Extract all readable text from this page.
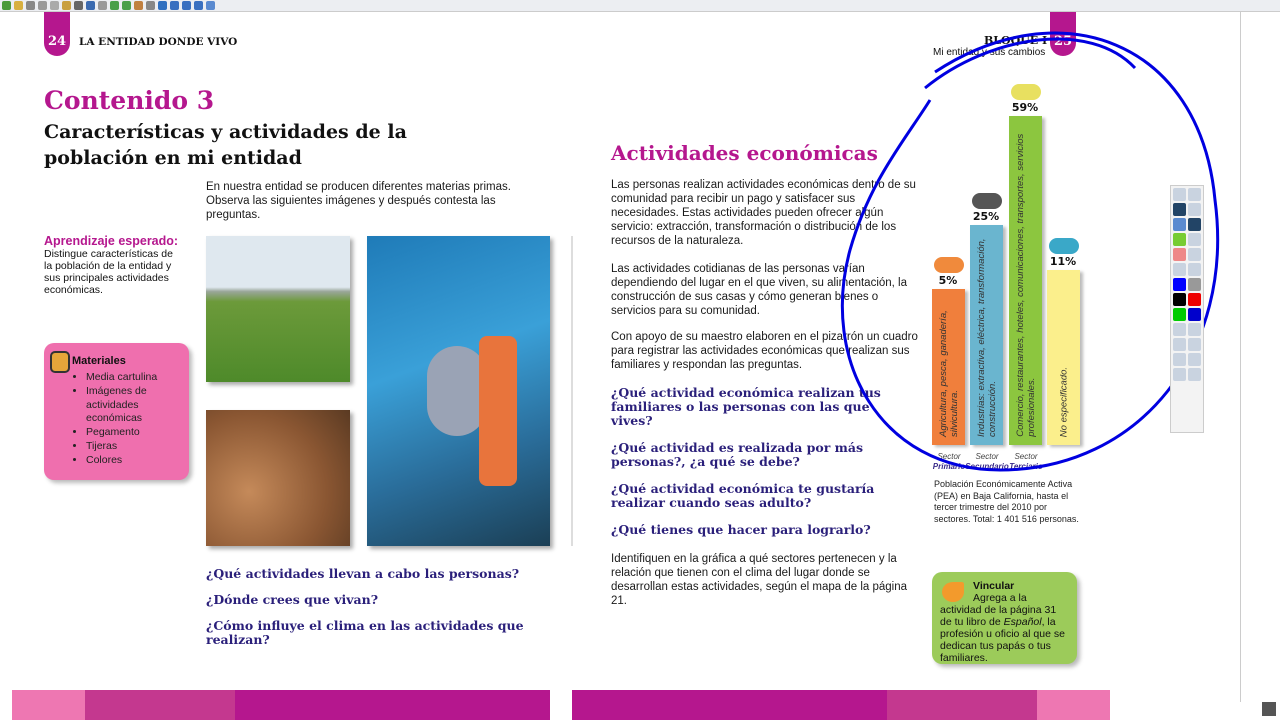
24	LA ENTIDAD DONDE VIVO
Contenido 3
Características y actividades de la población en mi entidad
En nuestra entidad se producen diferentes materias primas. Observa las siguientes imágenes y después contesta las preguntas.
Aprendizaje esperado:
Distingue características de la población de la entidad y sus principales actividades económicas.
Materiales
• Media cartulina
• Imágenes de actividades económicas
• Pegamento
• Tijeras
• Colores
¿Qué actividades llevan a cabo las personas?
¿Dónde crees que vivan?
¿Cómo influye el clima en las actividades que realizan?
25
BLOQUE I
Mi entidad y sus cambios
Actividades económicas
Las personas realizan actividades económicas dentro de su comunidad para recibir un pago y satisfacer sus necesidades. Estas actividades pueden ofrecer algún servicio: extracción, transformación o distribución de los recursos de la naturaleza.
Las actividades cotidianas de las personas varían dependiendo del lugar en el que viven, su alimentación, la construcción de sus casas y cómo generan bienes o servicios para su comunidad.
Con apoyo de su maestro elaboren en el pizarrón un cuadro para registrar las actividades económicas que realizan sus familiares y respondan las preguntas.
¿Qué actividad económica realizan tus familiares o las personas con las que vives?
¿Qué actividad es realizada por más personas?, ¿a qué se debe?
¿Qué actividad económica te gustaría realizar cuando seas adulto?
¿Qué tienes que hacer para lograrlo?
Identifiquen en la gráfica a qué sectores pertenecen y la relación que tienen con el clima del lugar donde se desarrollan estas actividades, según el mapa de la página 21.
Agricultura, pesca, ganadería, silvicultura.
5%	Industrias: extractiva, eléctrica, transformación, construcción.
25%	Comercio, restaurantes, hoteles, comunicaciones, transportes, servicios profesionales.
59%
No especificado.
11%
Sector
Primario
Sector
Secundario
Sector
Terciario
Población Económicamente Activa (PEA) en Baja California, hasta el tercer trimestre del 2010 por sectores. Total: 1 401 516 personas.
Vincular
Agrega a la actividad de la página 31 de tu libro de Español, la profesión u oficio al que se dedican tus papás o tus familiares.
